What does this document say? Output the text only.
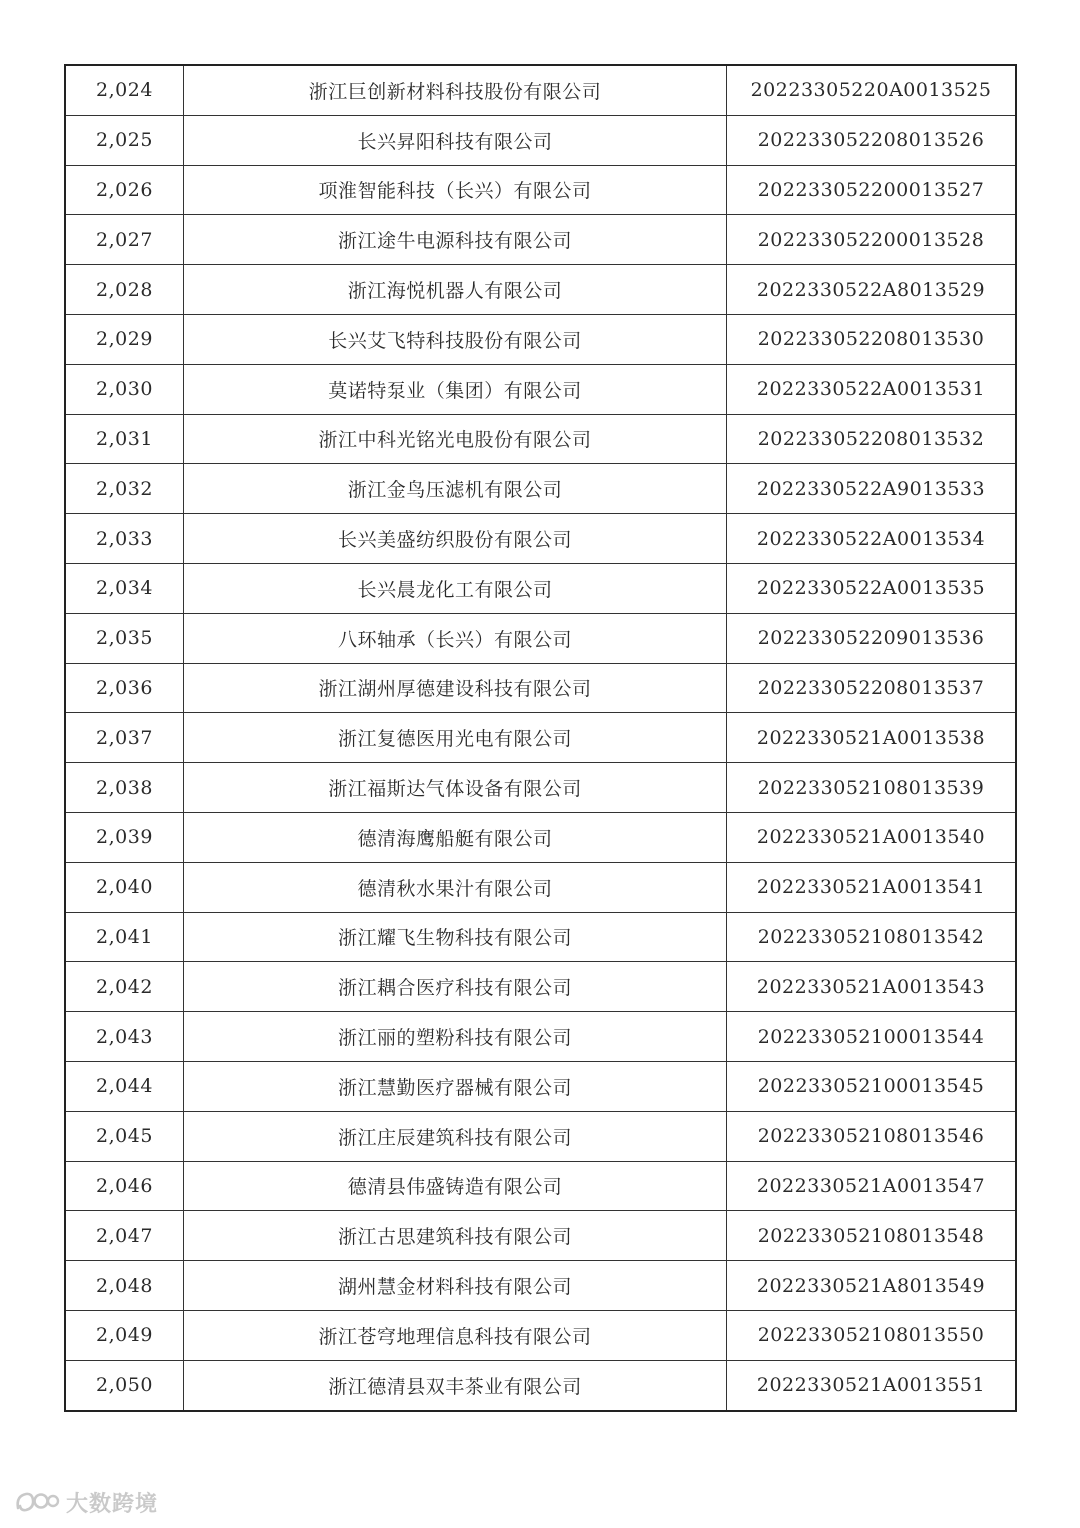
2,024	浙江巨创新材料科技股份有限公司	20223305220A0013525
2,025	长兴昇阳科技有限公司	202233052208013526
2,026	项淮智能科技（长兴）有限公司	202233052200013527
2,027	浙江途牛电源科技有限公司	202233052200013528
2,028	浙江海悦机器人有限公司	2022330522A8013529
2,029	长兴艾飞特科技股份有限公司	202233052208013530
2,030	莫诺特泵业（集团）有限公司	2022330522A0013531
2,031	浙江中科光铭光电股份有限公司	202233052208013532
2,032	浙江金鸟压滤机有限公司	2022330522A9013533
2,033	长兴美盛纺织股份有限公司	2022330522A0013534
2,034	长兴晨龙化工有限公司	2022330522A0013535
2,035	八环轴承（长兴）有限公司	202233052209013536
2,036	浙江湖州厚德建设科技有限公司	202233052208013537
2,037	浙江复德医用光电有限公司	2022330521A0013538
2,038	浙江福斯达气体设备有限公司	202233052108013539
2,039	德清海鹰船艇有限公司	2022330521A0013540
2,040	德清秋水果汁有限公司	2022330521A0013541
2,041	浙江耀飞生物科技有限公司	202233052108013542
2,042	浙江耦合医疗科技有限公司	2022330521A0013543
2,043	浙江丽的塑粉科技有限公司	202233052100013544
2,044	浙江慧勤医疗器械有限公司	202233052100013545
2,045	浙江庄辰建筑科技有限公司	202233052108013546
2,046	德清县伟盛铸造有限公司	2022330521A0013547
2,047	浙江古思建筑科技有限公司	202233052108013548
2,048	湖州慧金材料科技有限公司	2022330521A8013549
2,049	浙江苍穹地理信息科技有限公司	202233052108013550
2,050	浙江德清县双丰茶业有限公司	2022330521A0013551
大数跨境
